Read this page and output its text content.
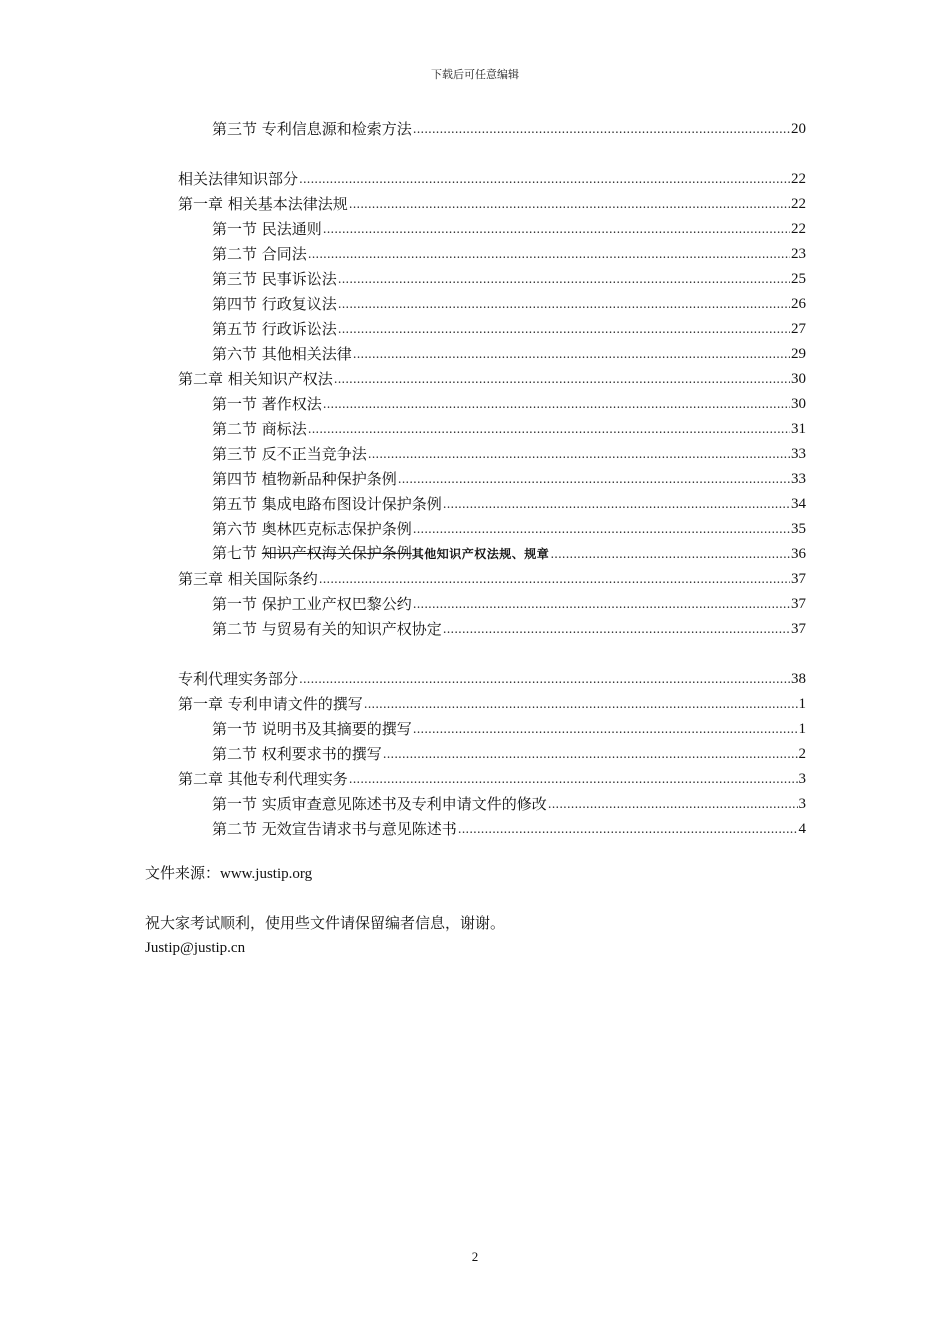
下载后可任意编辑
第三节 专利信息源和检索方法 .....	20
相关法律知识部分 .....	22
第一章 相关基本法律法规 .....	22
第一节 民法通则 .....	22
第二节 合同法 .....	23
第三节 民事诉讼法 .....	25
第四节 行政复议法 .....	26
第五节 行政诉讼法 .....	27
第六节 其他相关法律 .....	29
第二章 相关知识产权法 .....	30
第一节 著作权法 .....	30
第二节 商标法 .....	31
第三节 反不正当竞争法 .....	33
第四节 植物新品种保护条例 .....	33
第五节 集成电路布图设计保护条例 .....	34
第六节 奥林匹克标志保护条例 .....	35
第七节 知识产权海关保护条例其他知识产权法规、规章 .....	36
第三章 相关国际条约 .....	37
第一节 保护工业产权巴黎公约 .....	37
第二节 与贸易有关的知识产权协定 .....	37
专利代理实务部分 .....	38
第一章 专利申请文件的撰写 .....	1
第一节 说明书及其摘要的撰写 .....	1
第二节 权利要求书的撰写 .....	2
第二章 其他专利代理实务 .....	3
第一节 实质审查意见陈述书及专利申请文件的修改 .....	3
第二节 无效宣告请求书与意见陈述书 .....	4
文件来源：www.justip.org
祝大家考试顺利，使用些文件请保留编者信息，谢谢。
Justip@justip.cn
2
